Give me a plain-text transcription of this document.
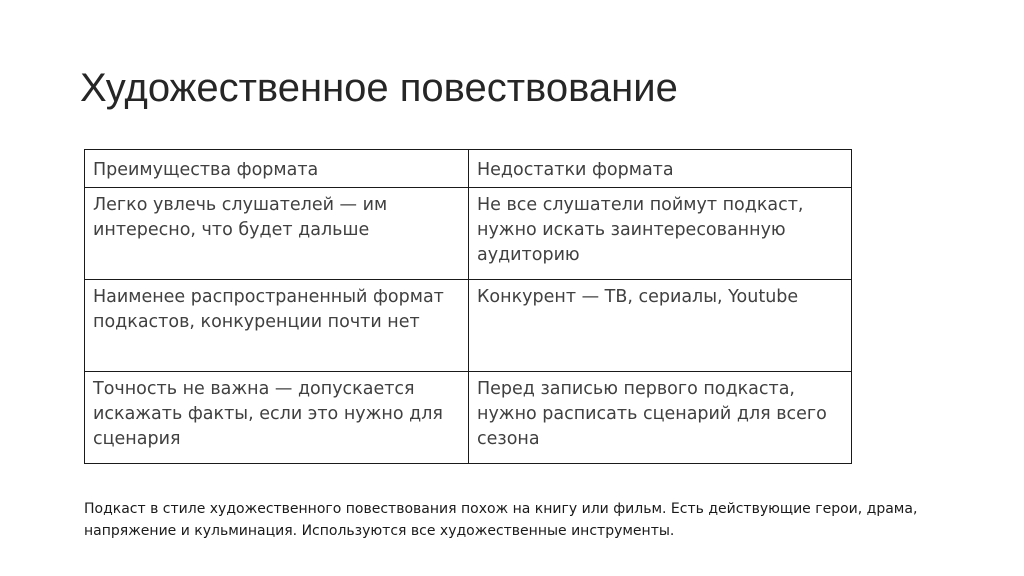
Художественное повествование
Преимущества формата	Недостатки формата
Легко увлечь слушателей — им интересно, что будет дальше	Не все слушатели поймут подкаст, нужно искать заинтересованную аудиторию
Наименее распространенный формат подкастов, конкуренции почти нет	Конкурент — ТВ, сериалы, Youtube
Точность не важна — допускается искажать факты, если это нужно для сценария	Перед записью первого подкаста, нужно расписать сценарий для всего сезона

Подкаст в стиле художественного повествования похож на книгу или фильм. Есть действующие герои, драма, напряжение и кульминация. Используются все художественные инструменты.
